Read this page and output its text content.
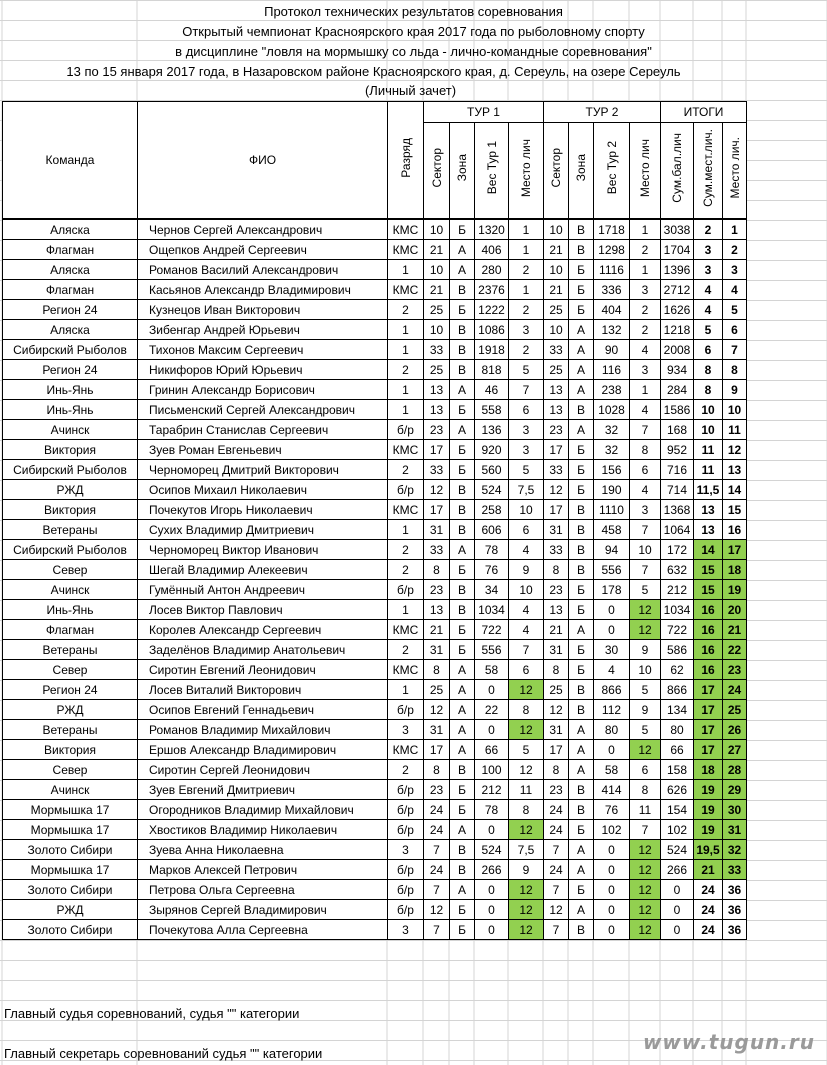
Протокол технических результатов соревнования
Открытый чемпионат Красноярского края 2017 года по рыболовному спорту
в дисциплине "ловля на мормышку со льда - лично-командные соревнования"
13 по 15 января 2017 года, в Назаровском районе Красноярского края, д. Сереуль, на озере Сереуль
(Личный зачет)
Команда	ФИО	Разряд	ТУР 1				ТУР 2				ИТОГИ		
			Сектор	Зона	Вес Тур 1	Место лич	Сектор	Зона	Вес Тур 2	Место лич	Сум.бал.лич	Сум.мест.лич.	Место лич.
Аляска	Чернов Сергей Александрович	КМС	10	Б	1320	1	10	В	1718	1	3038	2	1
Флагман	Ощепков Андрей Сергеевич	КМС	21	А	406	1	21	В	1298	2	1704	3	2
Аляска	Романов Василий Александрович	1	10	А	280	2	10	Б	1116	1	1396	3	3
Флагман	Касьянов Александр Владимирович	КМС	21	В	2376	1	21	Б	336	3	2712	4	4
Регион 24	Кузнецов Иван Викторович	2	25	Б	1222	2	25	Б	404	2	1626	4	5
Аляска	Зибенгар Андрей Юрьевич	1	10	В	1086	3	10	А	132	2	1218	5	6
Сибирский Рыболов	Тихонов Максим Сергеевич	1	33	В	1918	2	33	А	90	4	2008	6	7
Регион 24	Никифоров Юрий Юрьевич	2	25	В	818	5	25	А	116	3	934	8	8
Инь-Янь	Гринин Александр Борисович	1	13	А	46	7	13	А	238	1	284	8	9
Инь-Янь	Письменский Сергей Александрович	1	13	Б	558	6	13	В	1028	4	1586	10	10
Ачинск	Тарабрин Станислав Сергеевич	б/р	23	А	136	3	23	А	32	7	168	10	11
Виктория	Зуев Роман Евгеньевич	КМС	17	Б	920	3	17	Б	32	8	952	11	12
Сибирский Рыболов	Черноморец Дмитрий Викторович	2	33	Б	560	5	33	Б	156	6	716	11	13
РЖД	Осипов Михаил Николаевич	б/р	12	В	524	7,5	12	Б	190	4	714	11,5	14
Виктория	Почекутов Игорь Николаевич	КМС	17	В	258	10	17	В	1110	3	1368	13	15
Ветераны	Сухих Владимир Дмитриевич	1	31	В	606	6	31	В	458	7	1064	13	16
Сибирский Рыболов	Черноморец Виктор Иванович	2	33	А	78	4	33	В	94	10	172	14	17
Север	Шегай Владимир Алекеевич	2	8	Б	76	9	8	В	556	7	632	15	18
Ачинск	Гумённый Антон Андреевич	б/р	23	В	34	10	23	Б	178	5	212	15	19
Инь-Янь	Лосев Виктор Павлович	1	13	В	1034	4	13	Б	0	12	1034	16	20
Флагман	Королев Александр Сергеевич	КМС	21	Б	722	4	21	А	0	12	722	16	21
Ветераны	Заделёнов Владимир Анатольевич	2	31	Б	556	7	31	Б	30	9	586	16	22
Север	Сиротин Евгений Леонидович	КМС	8	А	58	6	8	Б	4	10	62	16	23
Регион 24	Лосев Виталий Викторович	1	25	А	0	12	25	В	866	5	866	17	24
РЖД	Осипов Евгений Геннадьевич	б/р	12	А	22	8	12	В	112	9	134	17	25
Ветераны	Романов Владимир Михайлович	3	31	А	0	12	31	А	80	5	80	17	26
Виктория	Ершов Александр Владимирович	КМС	17	А	66	5	17	А	0	12	66	17	27
Север	Сиротин Сергей Леонидович	2	8	В	100	12	8	А	58	6	158	18	28
Ачинск	Зуев Евгений Дмитриевич	б/р	23	Б	212	11	23	В	414	8	626	19	29
Мормышка 17	Огородников Владимир Михайлович	б/р	24	Б	78	8	24	В	76	11	154	19	30
Мормышка 17	Хвостиков Владимир Николаевич	б/р	24	А	0	12	24	Б	102	7	102	19	31
Золото Сибири	Зуева Анна Николаевна	3	7	В	524	7,5	7	А	0	12	524	19,5	32
Мормышка 17	Марков Алексей Петрович	б/р	24	В	266	9	24	А	0	12	266	21	33
Золото Сибири	Петрова Ольга Сергеевна	б/р	7	А	0	12	7	Б	0	12	0	24	36
РЖД	Зырянов Сергей Владимирович	б/р	12	Б	0	12	12	А	0	12	0	24	36
Золото Сибири	Почекутова Алла Сергеевна	3	7	Б	0	12	7	В	0	12	0	24	36
Главный судья соревнований, судья "" категории
Главный секретарь соревнований судья "" категории	www.tugun.ru
